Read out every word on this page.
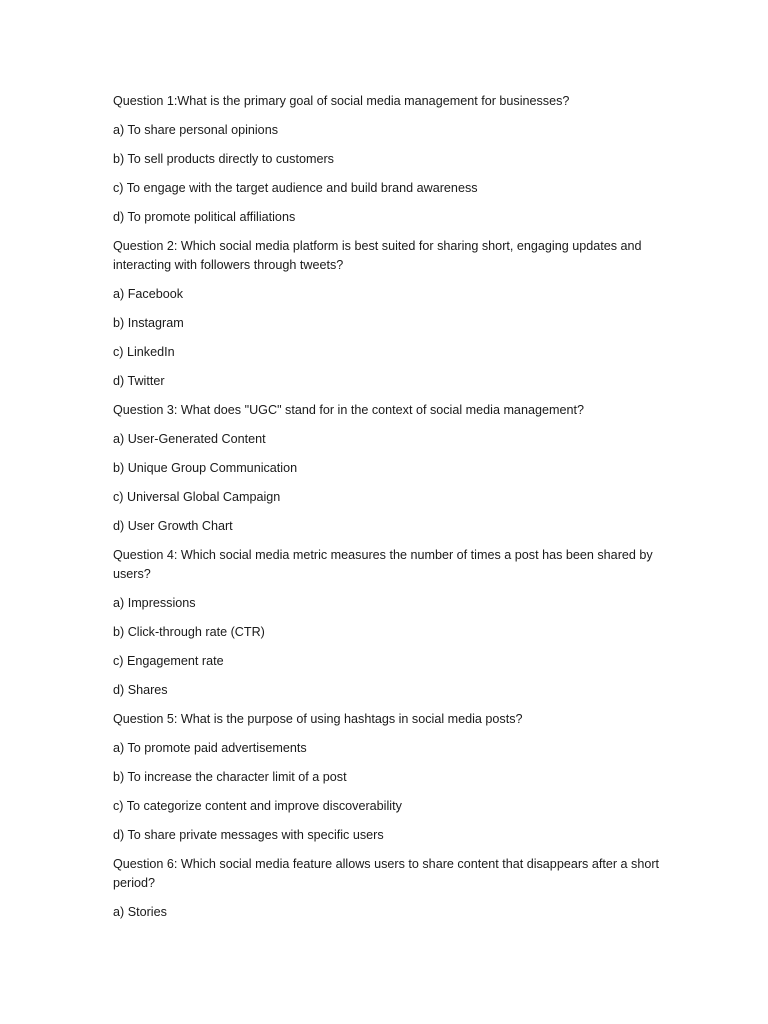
Question 1:What is the primary goal of social media management for businesses?

a) To share personal opinions

b) To sell products directly to customers

c) To engage with the target audience and build brand awareness

d) To promote political affiliations

Question 2: Which social media platform is best suited for sharing short, engaging updates and interacting with followers through tweets?

a) Facebook

b) Instagram

c) LinkedIn

d) Twitter

Question 3: What does "UGC" stand for in the context of social media management?

a) User-Generated Content

b) Unique Group Communication

c) Universal Global Campaign

d) User Growth Chart

Question 4: Which social media metric measures the number of times a post has been shared by users?

a) Impressions

b) Click-through rate (CTR)

c) Engagement rate

d) Shares

Question 5: What is the purpose of using hashtags in social media posts?

a) To promote paid advertisements

b) To increase the character limit of a post

c) To categorize content and improve discoverability

d) To share private messages with specific users

Question 6: Which social media feature allows users to share content that disappears after a short period?

a) Stories
